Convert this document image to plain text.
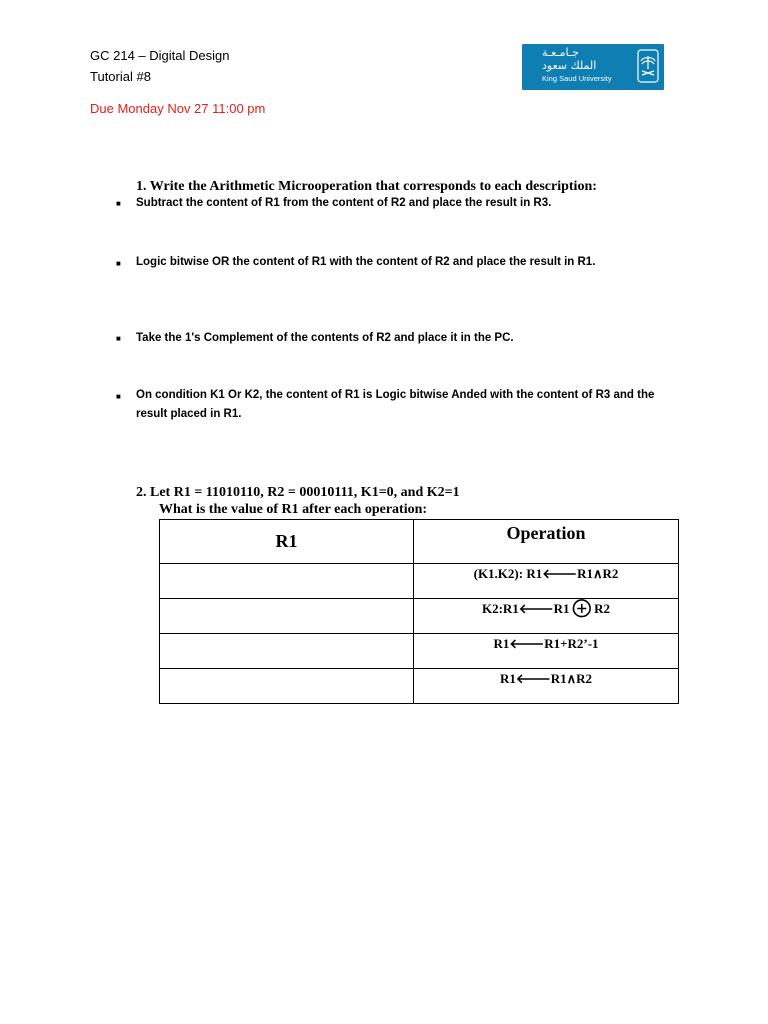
GC 214 – Digital Design
Tutorial #8
Due Monday Nov 27 11:00 pm
جـامـعـة
الملك سعود
King Saud University
1. Write the Arithmetic Microoperation that corresponds to each description:
■ Subtract the content of R1 from the content of R2 and place the result in R3.
■ Logic bitwise OR the content of R1 with the content of R2 and place the result in R1.
■ Take the 1's Complement of the contents of R2 and place it in the PC.
■ On condition K1 Or K2, the content of R1 is Logic bitwise Anded with the content of R3 and the result placed in R1.
2. Let R1 = 11010110, R2 = 00010111, K1=0, and K2=1
What is the value of R1 after each operation:
R1	Operation
	(K1.K2): R1🡐R1∧R2
	K2:R1🡐R1 ⊕ R2
	R1🡐R1+R2’-1
	R1🡐R1∧R2
